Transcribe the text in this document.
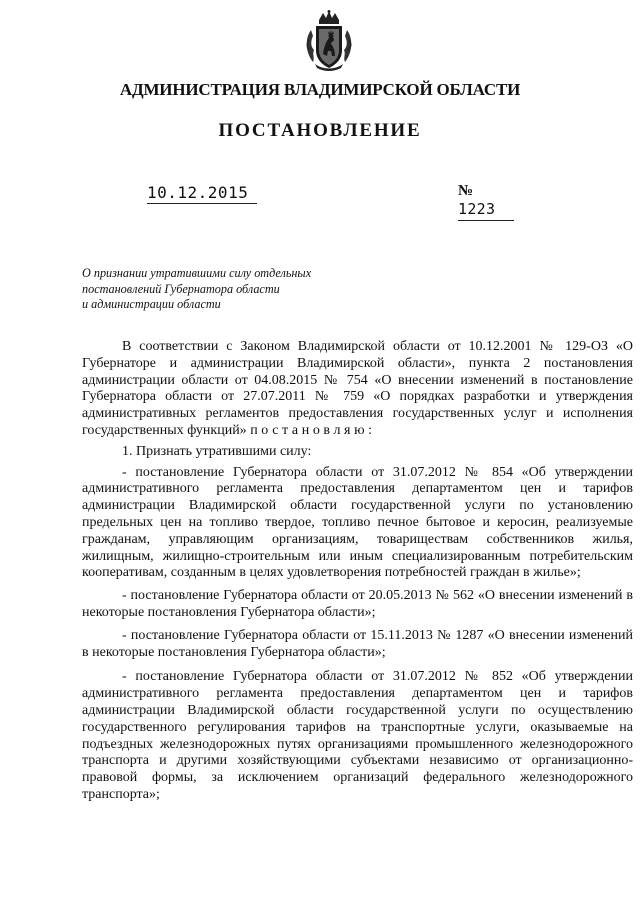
АДМИНИСТРАЦИЯ ВЛАДИМИРСКОЙ ОБЛАСТИ
ПОСТАНОВЛЕНИЕ
10.12.2015	№ 1223
О признании утратившими силу отдельных
постановлений Губернатора области
и администрации области

В соответствии с Законом Владимирской области от 10.12.2001 № 129-ОЗ «О Губернаторе и администрации Владимирской области», пункта 2 постановления администрации области от 04.08.2015 № 754 «О внесении изменений в постановление Губернатора области от 27.07.2011 № 759 «О порядках разработки и утверждения административных регламентов предоставления государственных услуг и исполнения государственных функций» постановляю:

1. Признать утратившими силу:

- постановление Губернатора области от 31.07.2012 № 854 «Об утверждении административного регламента предоставления департаментом цен и тарифов администрации Владимирской области государственной услуги по установлению предельных цен на топливо твердое, топливо печное бытовое и керосин, реализуемые гражданам, управляющим организациям, товариществам собственников жилья, жилищным, жилищно-строительным или иным специализированным потребительским кооперативам, созданным в целях удовлетворения потребностей граждан в жилье»;

- постановление Губернатора области от 20.05.2013 № 562 «О внесении изменений в некоторые постановления Губернатора области»;

- постановление Губернатора области от 15.11.2013 № 1287 «О внесении изменений в некоторые постановления Губернатора области»;

- постановление Губернатора области от 31.07.2012 № 852 «Об утверждении административного регламента предоставления департаментом цен и тарифов администрации Владимирской области государственной услуги по осуществлению государственного регулирования тарифов на транспортные услуги, оказываемые на подъездных железнодорожных путях организациями промышленного железнодорожного транспорта и другими хозяйствующими субъектами независимо от организационно-правовой формы, за исключением организаций федерального железнодорожного транспорта»;
